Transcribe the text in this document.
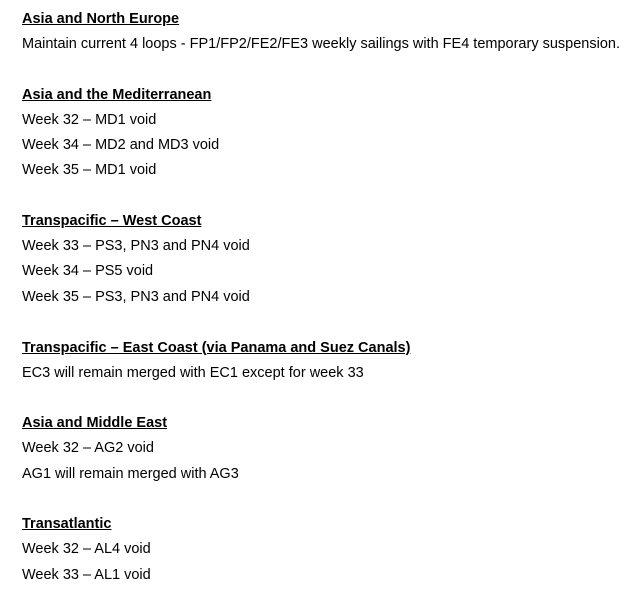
Asia and North Europe
Maintain current 4 loops - FP1/FP2/FE2/FE3 weekly sailings with FE4 temporary suspension.
Asia and the Mediterranean
Week 32 – MD1 void
Week 34 – MD2 and MD3 void
Week 35 – MD1 void
Transpacific – West Coast
Week 33 – PS3, PN3 and PN4 void
Week 34 – PS5 void
Week 35 – PS3, PN3 and PN4 void
Transpacific – East Coast (via Panama and Suez Canals)
EC3 will remain merged with EC1 except for week 33
Asia and Middle East
Week 32 – AG2 void
AG1 will remain merged with AG3
Transatlantic
Week 32 – AL4 void
Week 33 – AL1 void
